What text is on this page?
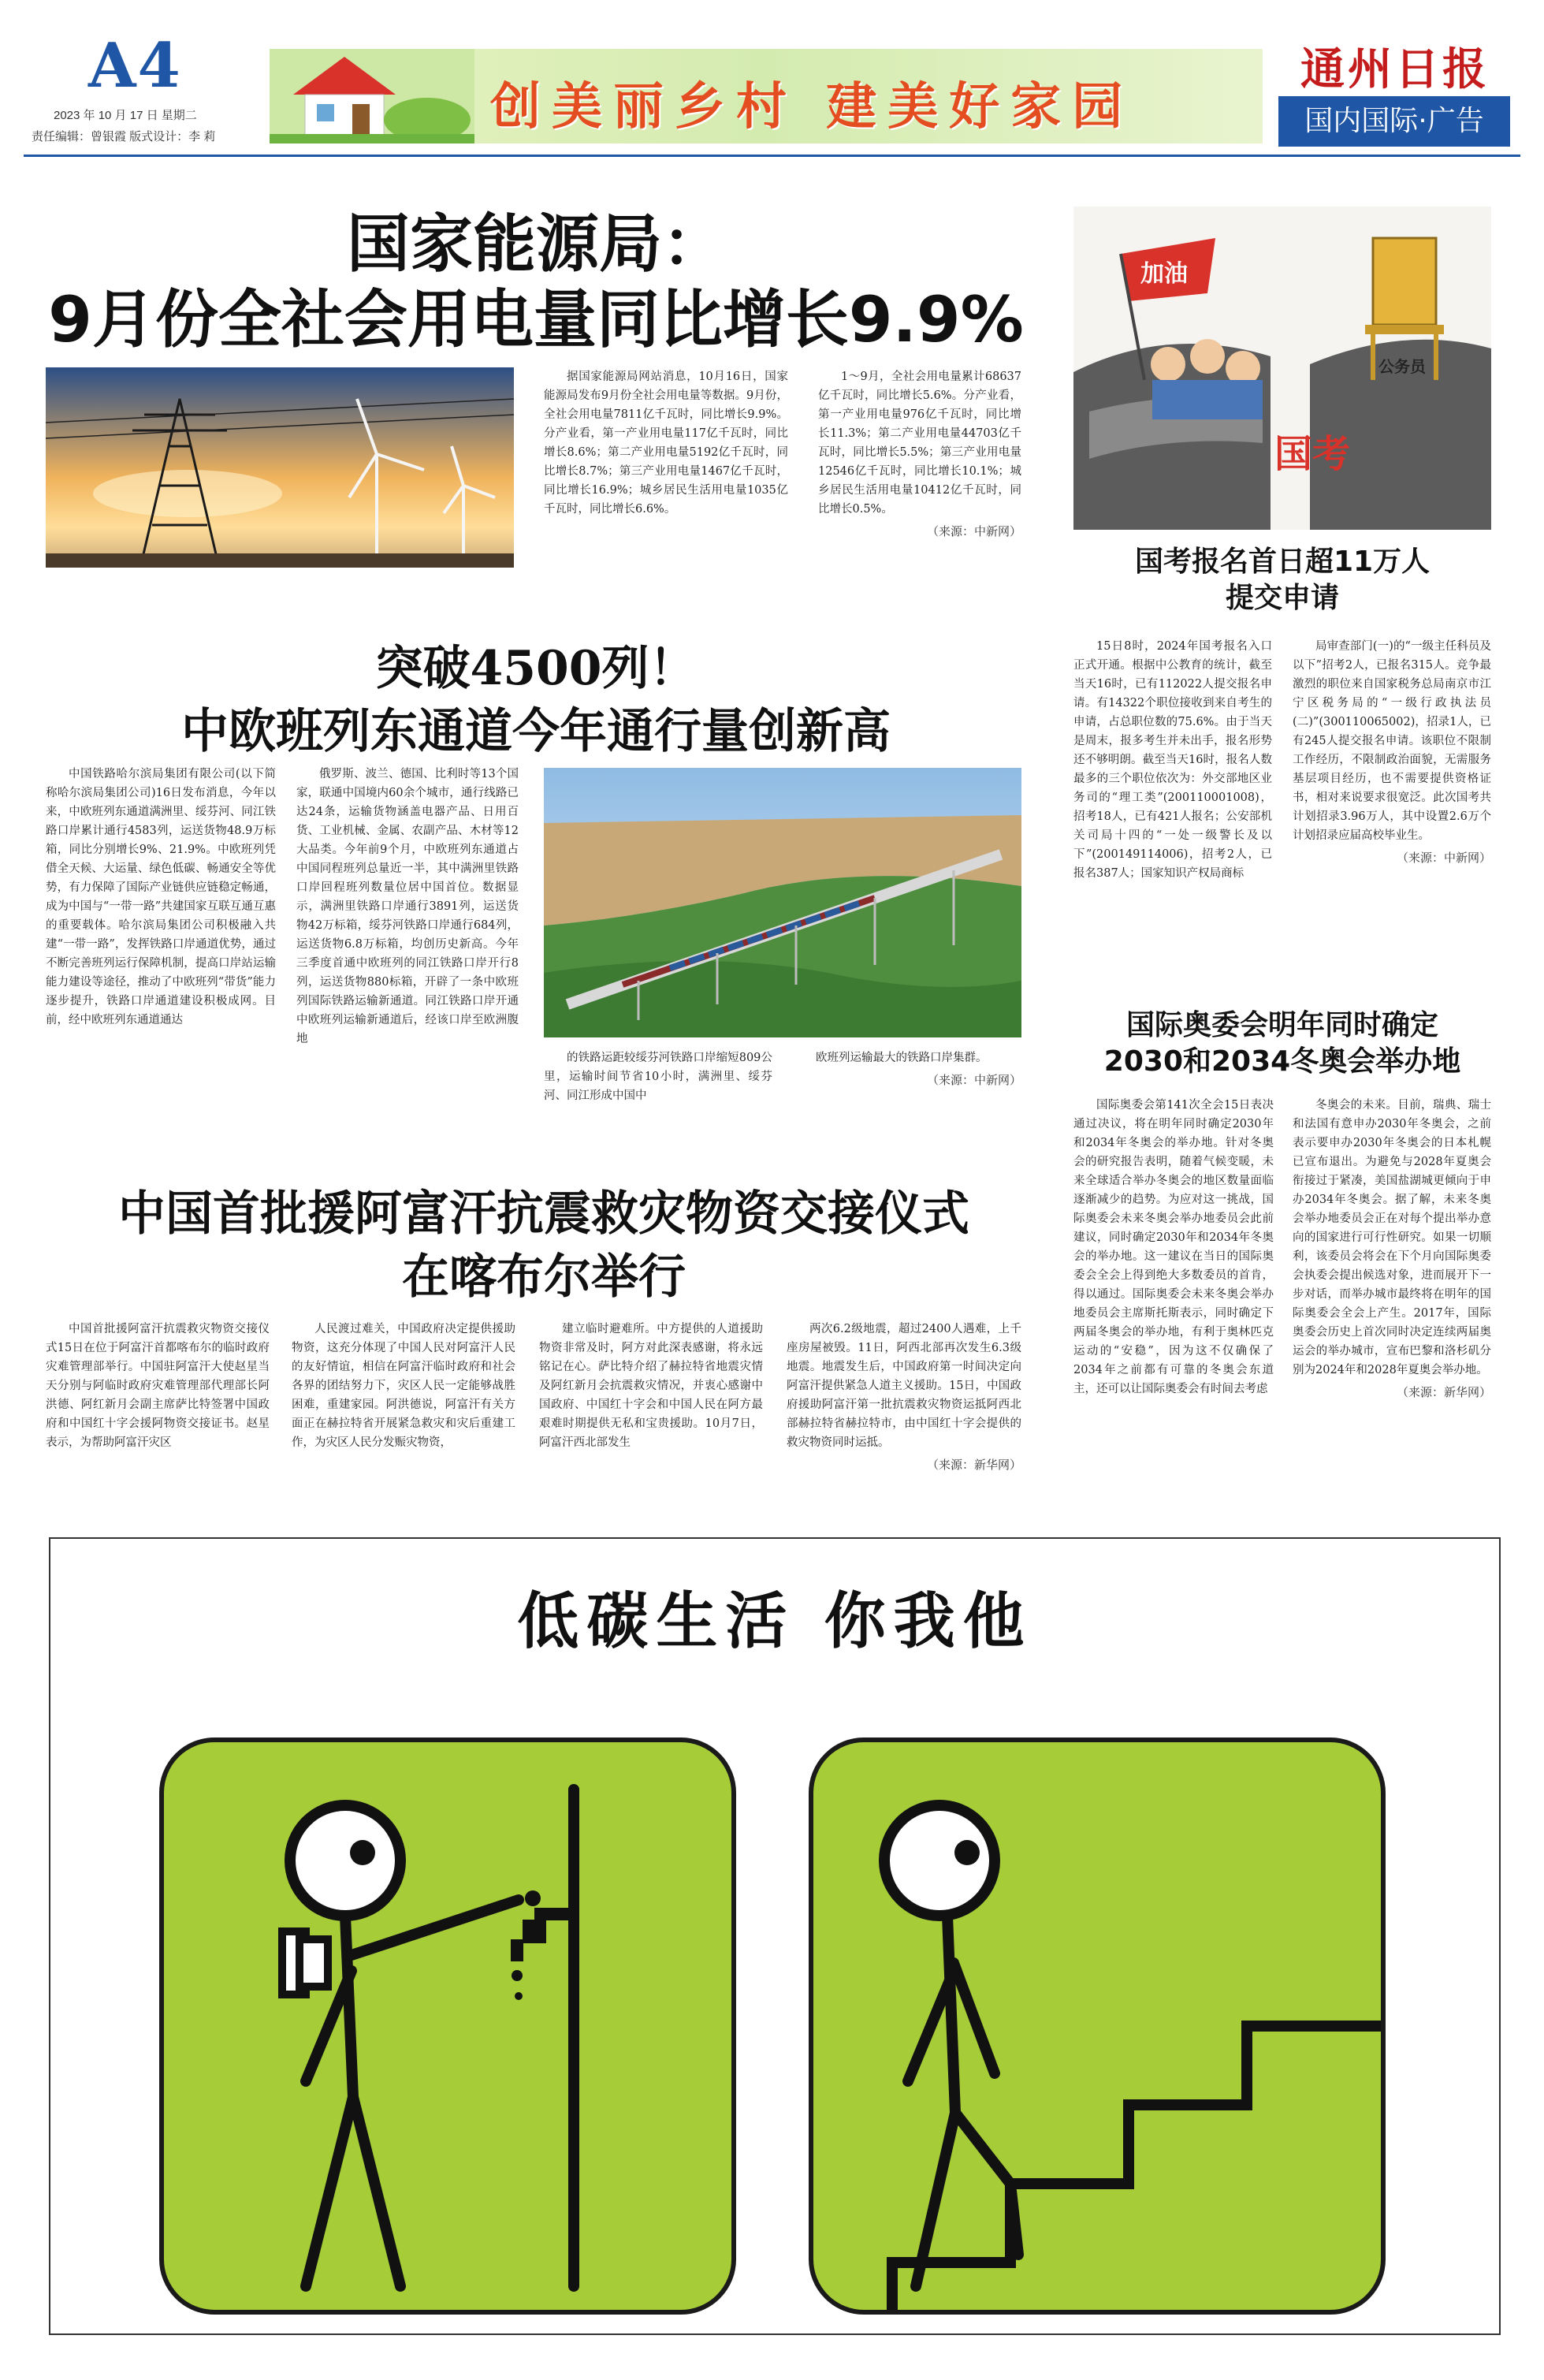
A4
2023 年 10 月 17 日 星期二
责任编辑：曾银霞 版式设计：李 莉
创美丽乡村 建美好家园
通州日报
国内国际·广告
国家能源局：
9月份全社会用电量同比增长9.9%

据国家能源局网站消息，10月16日，国家能源局发布9月份全社会用电量等数据。9月份，全社会用电量7811亿千瓦时，同比增长9.9%。分产业看，第一产业用电量117亿千瓦时，同比增长8.6%；第二产业用电量5192亿千瓦时，同比增长8.7%；第三产业用电量1467亿千瓦时，同比增长16.9%；城乡居民生活用电量1035亿千瓦时，同比增长6.6%。

1～9月，全社会用电量累计68637亿千瓦时，同比增长5.6%。分产业看，第一产业用电量976亿千瓦时，同比增长11.3%；第二产业用电量44703亿千瓦时，同比增长5.5%；第三产业用电量12546亿千瓦时，同比增长10.1%；城乡居民生活用电量10412亿千瓦时，同比增长0.5%。

（来源：中新网）
加油
公务员
国考
国考报名首日超11万人
提交申请

15日8时，2024年国考报名入口正式开通。根据中公教育的统计，截至当天16时，已有112022人提交报名申请。有14322个职位接收到来自考生的申请，占总职位数的75.6%。由于当天是周末，报多考生并未出手，报名形势还不够明朗。截至当天16时，报名人数最多的三个职位依次为：外交部地区业务司的“理工类”(200110001008)，招考18人，已有421人报名；公安部机关司局十四的“一处一级警长及以下”(200149114006)，招考2人，已报名387人；国家知识产权局商标

局审查部门(一)的“一级主任科员及以下”招考2人，已报名315人。竞争最激烈的职位来自国家税务总局南京市江宁区税务局的“一级行政执法员(二)”(300110065002)，招录1人，已有245人提交报名申请。该职位不限制工作经历，不限制政治面貌，无需服务基层项目经历，也不需要提供资格证书，相对来说要求很宽泛。此次国考共计划招录3.96万人，其中设置2.6万个计划招录应届高校毕业生。

（来源：中新网）
突破4500列！
中欧班列东通道今年通行量创新高

中国铁路哈尔滨局集团有限公司(以下简称哈尔滨局集团公司)16日发布消息，今年以来，中欧班列东通道满洲里、绥芬河、同江铁路口岸累计通行4583列，运送货物48.9万标箱，同比分别增长9%、21.9%。中欧班列凭借全天候、大运量、绿色低碳、畅通安全等优势，有力保障了国际产业链供应链稳定畅通，成为中国与“一带一路”共建国家互联互通互惠的重要载体。哈尔滨局集团公司积极融入共建“一带一路”，发挥铁路口岸通道优势，通过不断完善班列运行保障机制，提高口岸站运输能力建设等途径，推动了中欧班列“带货”能力逐步提升，铁路口岸通道建设积极成网。目前，经中欧班列东通道通达

俄罗斯、波兰、德国、比利时等13个国家，联通中国境内60余个城市，通行线路已达24条，运输货物涵盖电器产品、日用百货、工业机械、金属、农副产品、木材等12大品类。今年前9个月，中欧班列东通道占中国同程班列总量近一半，其中满洲里铁路口岸回程班列数量位居中国首位。数据显示，满洲里铁路口岸通行3891列，运送货物42万标箱，绥芬河铁路口岸通行684列，运送货物6.8万标箱，均创历史新高。今年三季度首通中欧班列的同江铁路口岸开行8列，运送货物880标箱，开辟了一条中欧班列国际铁路运输新通道。同江铁路口岸开通中欧班列运输新通道后，经该口岸至欧洲腹地

的铁路运距较绥芬河铁路口岸缩短809公里，运输时间节省10小时，满洲里、绥芬河、同江形成中国中

欧班列运输最大的铁路口岸集群。

（来源：中新网）
国际奥委会明年同时确定
2030和2034冬奥会举办地

国际奥委会第141次全会15日表决通过决议，将在明年同时确定2030年和2034年冬奥会的举办地。针对冬奥会的研究报告表明，随着气候变暖，未来全球适合举办冬奥会的地区数量面临逐渐减少的趋势。为应对这一挑战，国际奥委会未来冬奥会举办地委员会此前建议，同时确定2030年和2034年冬奥会的举办地。这一建议在当日的国际奥委会全会上得到绝大多数委员的首肯，得以通过。国际奥委会未来冬奥会举办地委员会主席斯托斯表示，同时确定下两届冬奥会的举办地，有利于奥林匹克运动的“安稳”，因为这不仅确保了2034年之前都有可靠的冬奥会东道主，还可以让国际奥委会有时间去考虑

冬奥会的未来。目前，瑞典、瑞士和法国有意申办2030年冬奥会，之前表示要申办2030年冬奥会的日本札幌已宣布退出。为避免与2028年夏奥会衔接过于紧凑，美国盐湖城更倾向于申办2034年冬奥会。据了解，未来冬奥会举办地委员会正在对每个提出举办意向的国家进行可行性研究。如果一切顺利，该委员会将会在下个月向国际奥委会执委会提出候选对象，进而展开下一步对话，而举办城市最终将在明年的国际奥委会全会上产生。2017年，国际奥委会历史上首次同时决定连续两届奥运会的举办城市，宣布巴黎和洛杉矶分别为2024年和2028年夏奥会举办地。

（来源：新华网）
中国首批援阿富汗抗震救灾物资交接仪式
在喀布尔举行

中国首批援阿富汗抗震救灾物资交接仪式15日在位于阿富汗首都喀布尔的临时政府灾难管理部举行。中国驻阿富汗大使赵星当天分别与阿临时政府灾难管理部代理部长阿洪德、阿红新月会副主席萨比特签署中国政府和中国红十字会援阿物资交接证书。赵星表示，为帮助阿富汗灾区

人民渡过难关，中国政府决定提供援助物资，这充分体现了中国人民对阿富汗人民的友好情谊，相信在阿富汗临时政府和社会各界的团结努力下，灾区人民一定能够战胜困难，重建家园。阿洪德说，阿富汗有关方面正在赫拉特省开展紧急救灾和灾后重建工作，为灾区人民分发赈灾物资，

建立临时避难所。中方提供的人道援助物资非常及时，阿方对此深表感谢，将永远铭记在心。萨比特介绍了赫拉特省地震灾情及阿红新月会抗震救灾情况，并衷心感谢中国政府、中国红十字会和中国人民在阿方最艰难时期提供无私和宝贵援助。10月7日，阿富汗西北部发生

两次6.2级地震，超过2400人遇难，上千座房屋被毁。11日，阿西北部再次发生6.3级地震。地震发生后，中国政府第一时间决定向阿富汗提供紧急人道主义援助。15日，中国政府援助阿富汗第一批抗震救灾物资运抵阿西北部赫拉特省赫拉特市，由中国红十字会提供的救灾物资同时运抵。

（来源：新华网）
低碳生活 你我他
